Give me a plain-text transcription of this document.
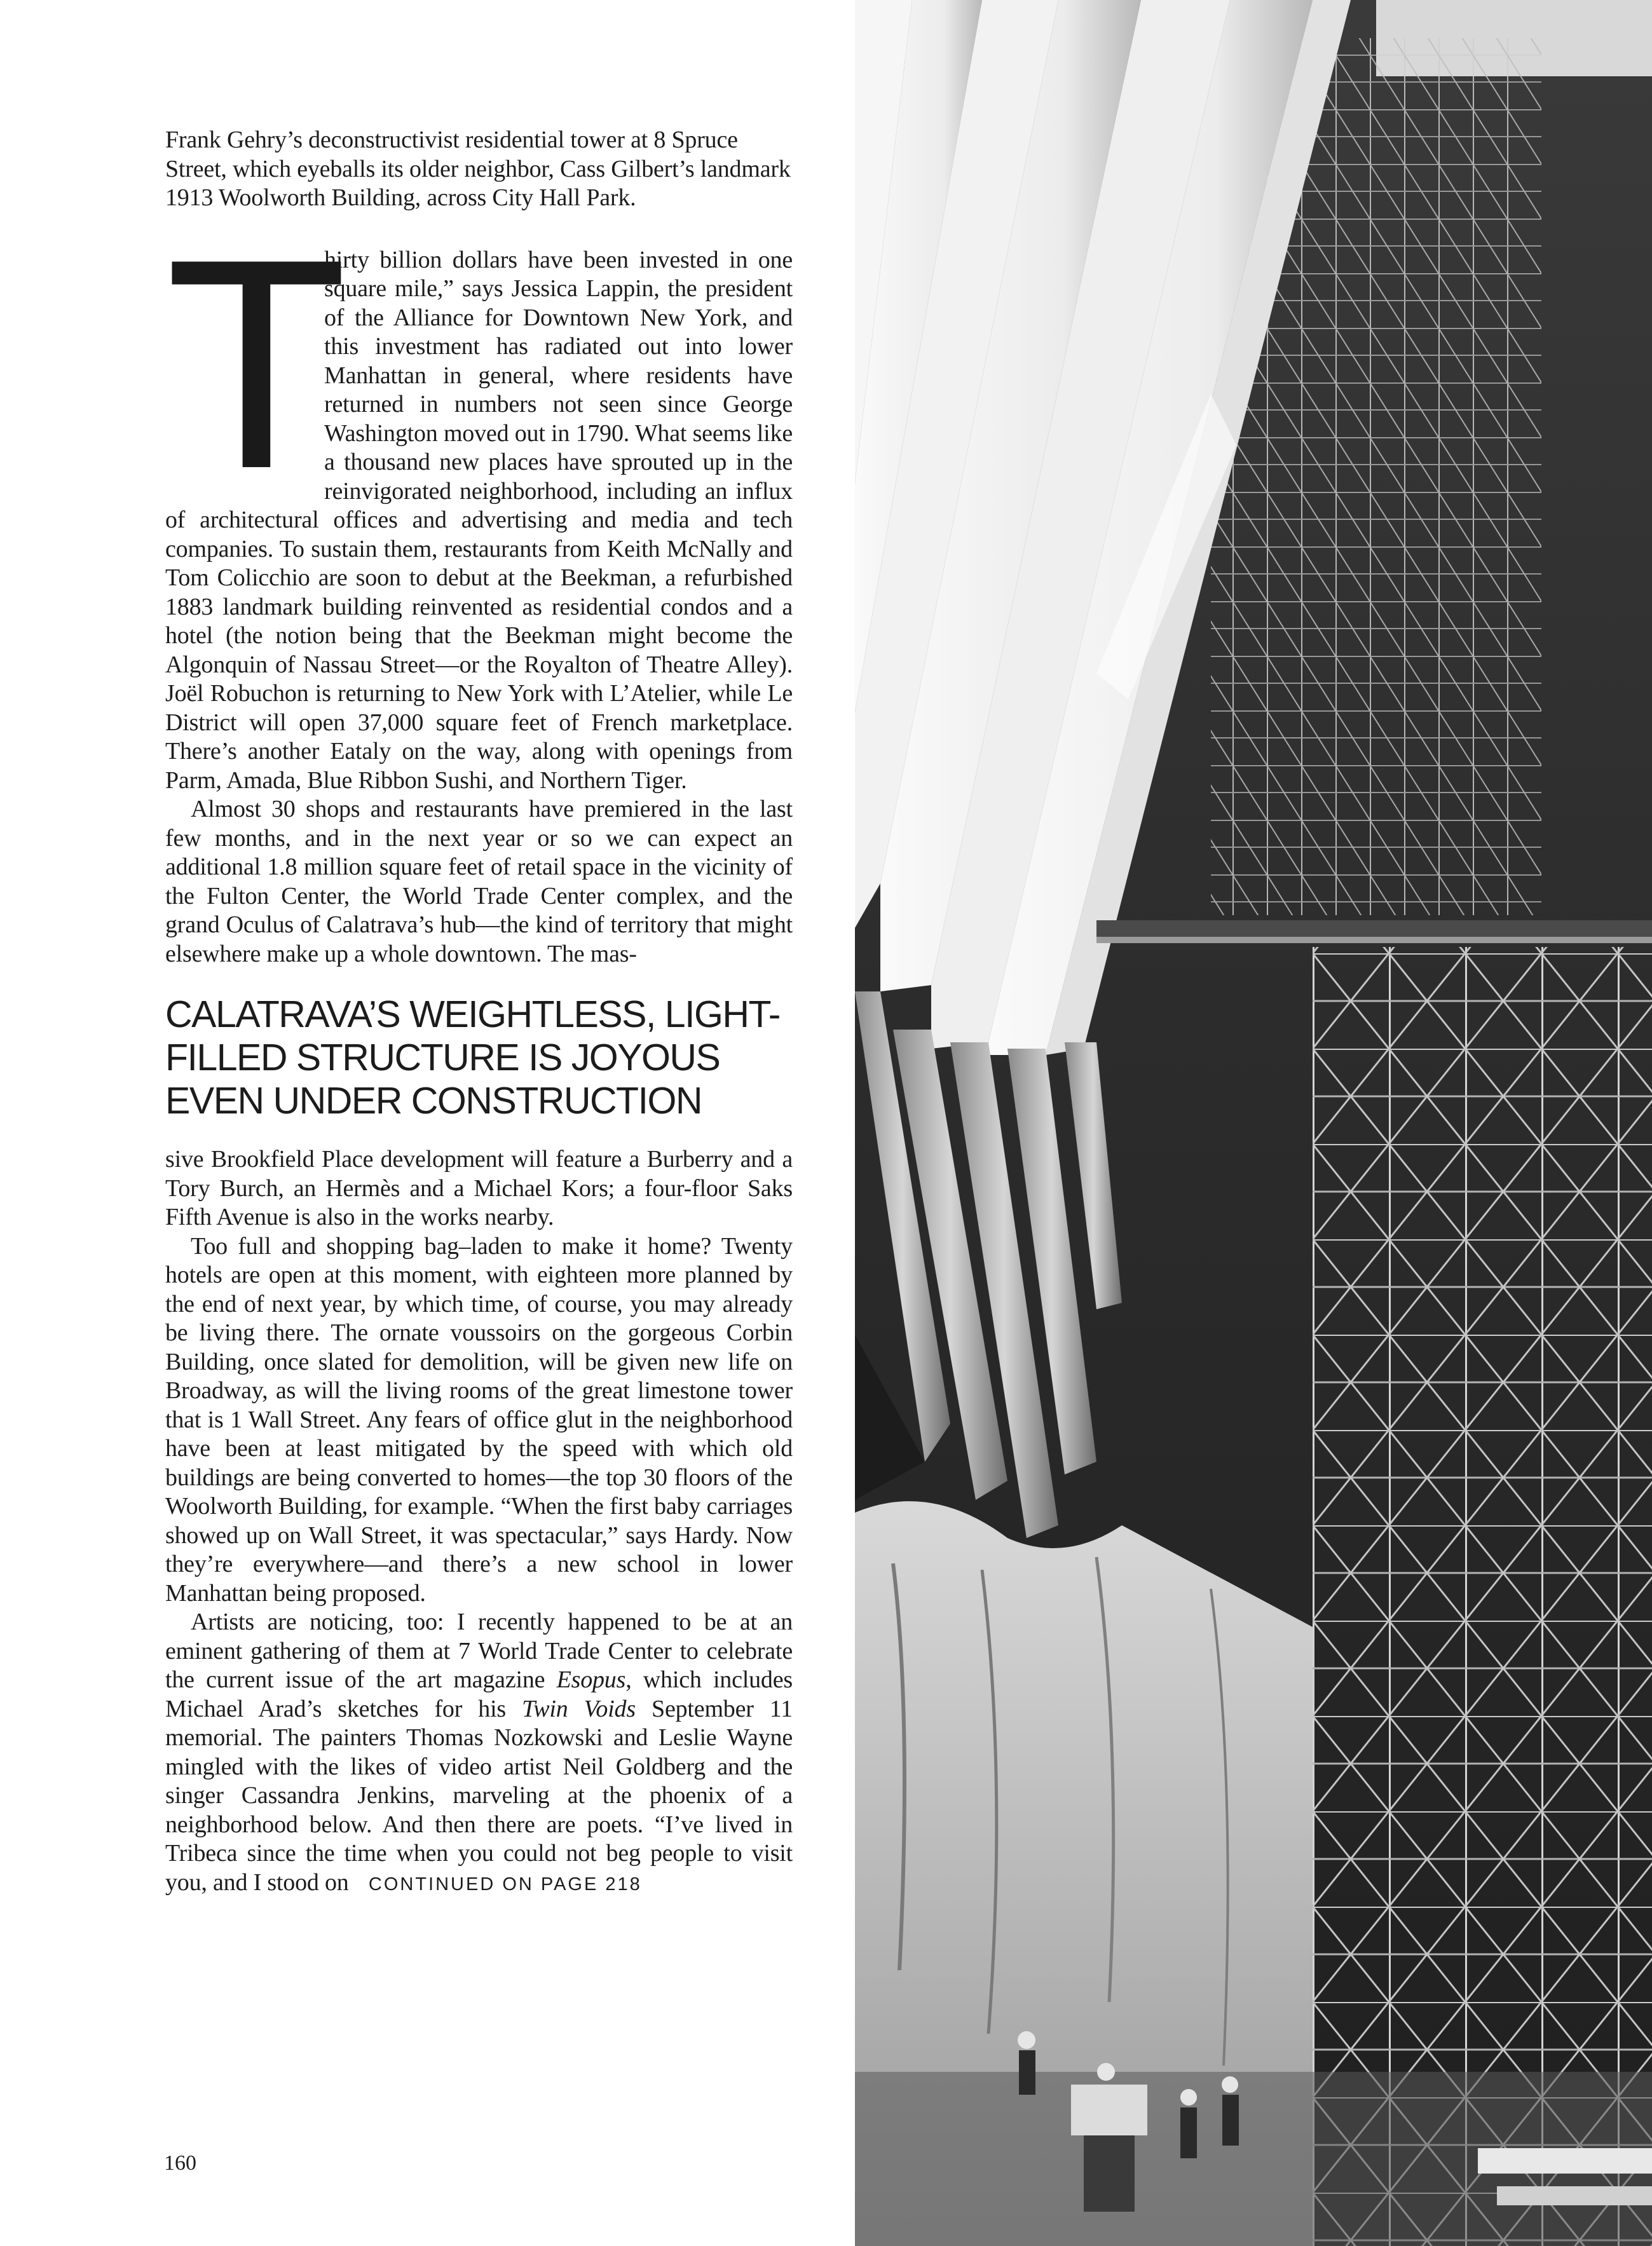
Frank Gehry’s deconstructivist residential tower at 8 Spruce Street, which eyeballs its older neighbor, Cass Gilbert’s landmark 1913 Woolworth Building, across City Hall Park.

T
hirty billion dollars have been invested in one square mile,” says Jessica Lappin, the president of the Alliance for Downtown New York, and this investment has radiated out into lower Manhattan in general, where residents have returned in numbers not seen since George Washington moved out in 1790. What seems like a thousand new places have sprouted up in the reinvigorated neighborhood, including an influx of architectural offices and advertising and media and tech companies. To sustain them, restaurants from Keith McNally and Tom Colicchio are soon to debut at the Beekman, a refurbished 1883 landmark building reinvented as residential condos and a hotel (the notion being that the Beekman might become the Algonquin of Nassau Street—or the Royalton of Theatre Alley). Joël Robuchon is returning to New York with L’Atelier, while Le District will open 37,000 square feet of French marketplace. There’s another Eataly on the way, along with openings from Parm, Amada, Blue Ribbon Sushi, and Northern Tiger.

Almost 30 shops and restaurants have premiered in the last few months, and in the next year or so we can expect an additional 1.8 million square feet of retail space in the vicinity of the Fulton Center, the World Trade Center complex, and the grand Oculus of Calatrava’s hub—the kind of territory that might elsewhere make up a whole downtown. The mas-

CALATRAVA’S WEIGHTLESS, LIGHT-FILLED STRUCTURE IS JOYOUS EVEN UNDER CONSTRUCTION

sive Brookfield Place development will feature a Burberry and a Tory Burch, an Hermès and a Michael Kors; a four-floor Saks Fifth Avenue is also in the works nearby.

Too full and shopping bag–laden to make it home? Twenty hotels are open at this moment, with eighteen more planned by the end of next year, by which time, of course, you may already be living there. The ornate voussoirs on the gorgeous Corbin Building, once slated for demolition, will be given new life on Broadway, as will the living rooms of the great limestone tower that is 1 Wall Street. Any fears of office glut in the neighborhood have been at least mitigated by the speed with which old buildings are being converted to homes—the top 30 floors of the Woolworth Building, for example. “When the first baby carriages showed up on Wall Street, it was spectacular,” says Hardy. Now they’re everywhere—and there’s a new school in lower Manhattan being proposed.

Artists are noticing, too: I recently happened to be at an eminent gathering of them at 7 World Trade Center to celebrate the current issue of the art magazine Esopus, which includes Michael Arad’s sketches for his Twin Voids September 11 memorial. The painters Thomas Nozkowski and Leslie Wayne mingled with the likes of video artist Neil Goldberg and the singer Cassandra Jenkins, marveling at the phoenix of a neighborhood below. And then there are poets. “I’ve lived in Tribeca since the time when you could not beg people to visit you, and I stood on CONTINUED ON PAGE 218

160
